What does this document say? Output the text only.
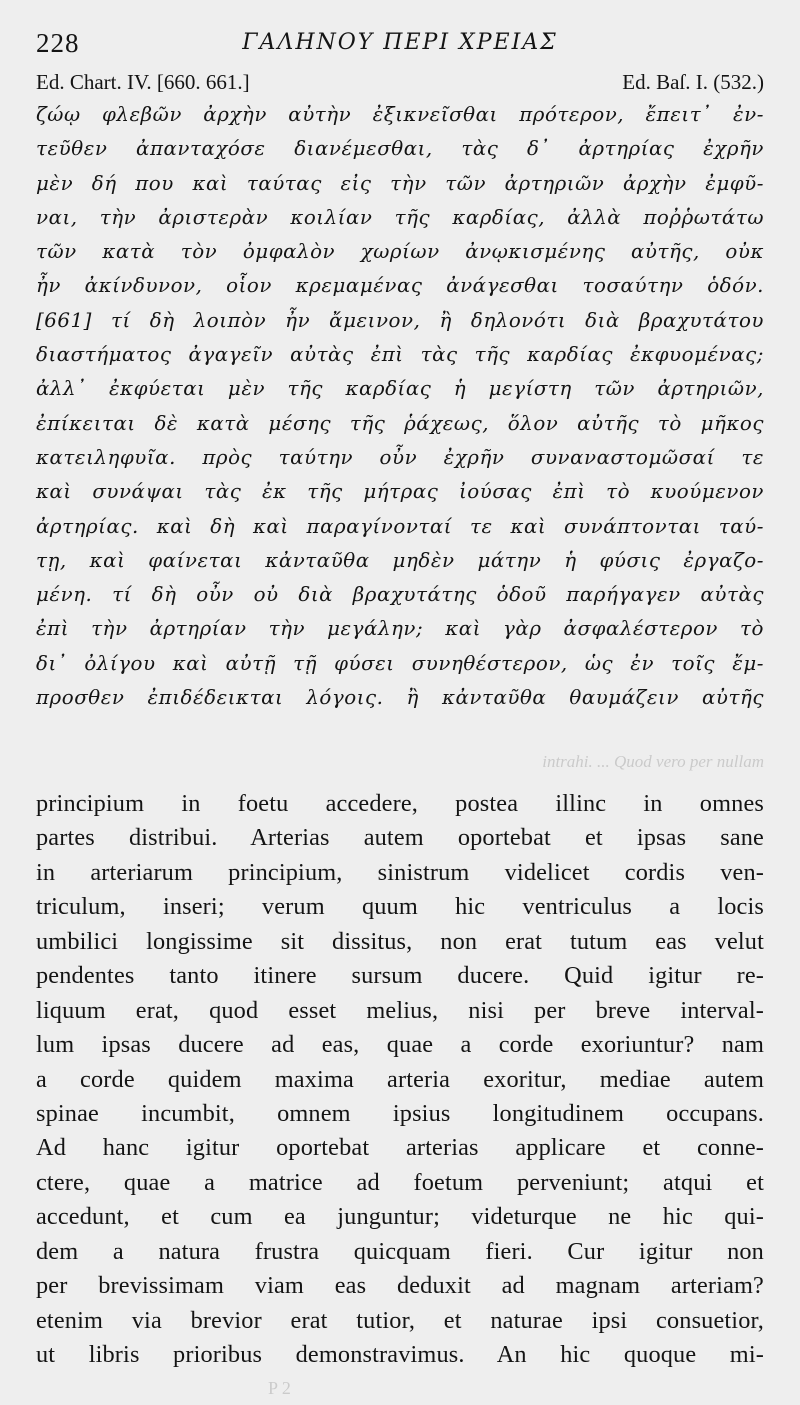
228	ΓΑΛΗΝΟΥ ΠΕΡΙ ΧΡΕΙΑΣ
Ed. Chart. IV. [660. 661.]	Ed. Baſ. I. (532.)
ζώῳ φλεβῶν ἀρχὴν αὐτὴν ἐξικνεῖσθαι πρότερον, ἔπειτ᾽ ἐν-
τεῦθεν ἀπανταχόσε διανέμεσθαι, τὰς δ᾽ ἀρτηρίας ἐχρῆν
μὲν δή που καὶ ταύτας εἰς τὴν τῶν ἀρτηριῶν ἀρχὴν ἐμφῦ-
ναι, τὴν ἀριστερὰν κοιλίαν τῆς καρδίας, ἀλλὰ ποῤῥωτάτω
τῶν κατὰ τὸν ὀμφαλὸν χωρίων ἀνῳκισμένης αὐτῆς, οὐκ
ἦν ἀκίνδυνον, οἷον κρεμαμένας ἀνάγεσθαι τοσαύτην ὁδόν.
[661] τί δὴ λοιπὸν ἦν ἄμεινον, ἢ δηλονότι διὰ βραχυτάτου
διαστήματος ἀγαγεῖν αὐτὰς ἐπὶ τὰς τῆς καρδίας ἐκφυομένας;
ἀλλ᾽ ἐκφύεται μὲν τῆς καρδίας ἡ μεγίστη τῶν ἀρτηριῶν,
ἐπίκειται δὲ κατὰ μέσης τῆς ῥάχεως, ὅλον αὐτῆς τὸ μῆκος
κατειληφυῖα. πρὸς ταύτην οὖν ἐχρῆν συναναστομῶσαί τε
καὶ συνάψαι τὰς ἐκ τῆς μήτρας ἰούσας ἐπὶ τὸ κυούμενον
ἀρτηρίας. καὶ δὴ καὶ παραγίνονταί τε καὶ συνάπτονται ταύ-
τῃ, καὶ φαίνεται κἀνταῦθα μηδὲν μάτην ἡ φύσις ἐργαζο-
μένη. τί δὴ οὖν οὐ διὰ βραχυτάτης ὁδοῦ παρήγαγεν αὐτὰς
ἐπὶ τὴν ἀρτηρίαν τὴν μεγάλην; καὶ γὰρ ἀσφαλέστερον τὸ
δι᾽ ὀλίγου καὶ αὐτῇ τῇ φύσει συνηθέστερον, ὡς ἐν τοῖς ἔμ-
προσθεν ἐπιδέδεικται λόγοις. ἢ κἀνταῦθα θαυμάζειν αὐτῆς
intrahi. ... Quod vero per nullam
principium in foetu accedere, postea illinc in omnes
partes distribui. Arterias autem oportebat et ipsas sane
in arteriarum principium, sinistrum videlicet cordis ven-
triculum, inseri; verum quum hic ventriculus a locis
umbilici longissime sit dissitus, non erat tutum eas velut
pendentes tanto itinere sursum ducere. Quid igitur re-
liquum erat, quod esset melius, nisi per breve interval-
lum ipsas ducere ad eas, quae a corde exoriuntur? nam
a corde quidem maxima arteria exoritur, mediae autem
spinae incumbit, omnem ipsius longitudinem occupans.
Ad hanc igitur oportebat arterias applicare et conne-
ctere, quae a matrice ad foetum perveniunt; atqui et
accedunt, et cum ea junguntur; videturque ne hic qui-
dem a natura frustra quicquam fieri. Cur igitur non
per brevissimam viam eas deduxit ad magnam arteriam?
etenim via brevior erat tutior, et naturae ipsi consuetior,
ut libris prioribus demonstravimus. An hic quoque mi-
P 2
